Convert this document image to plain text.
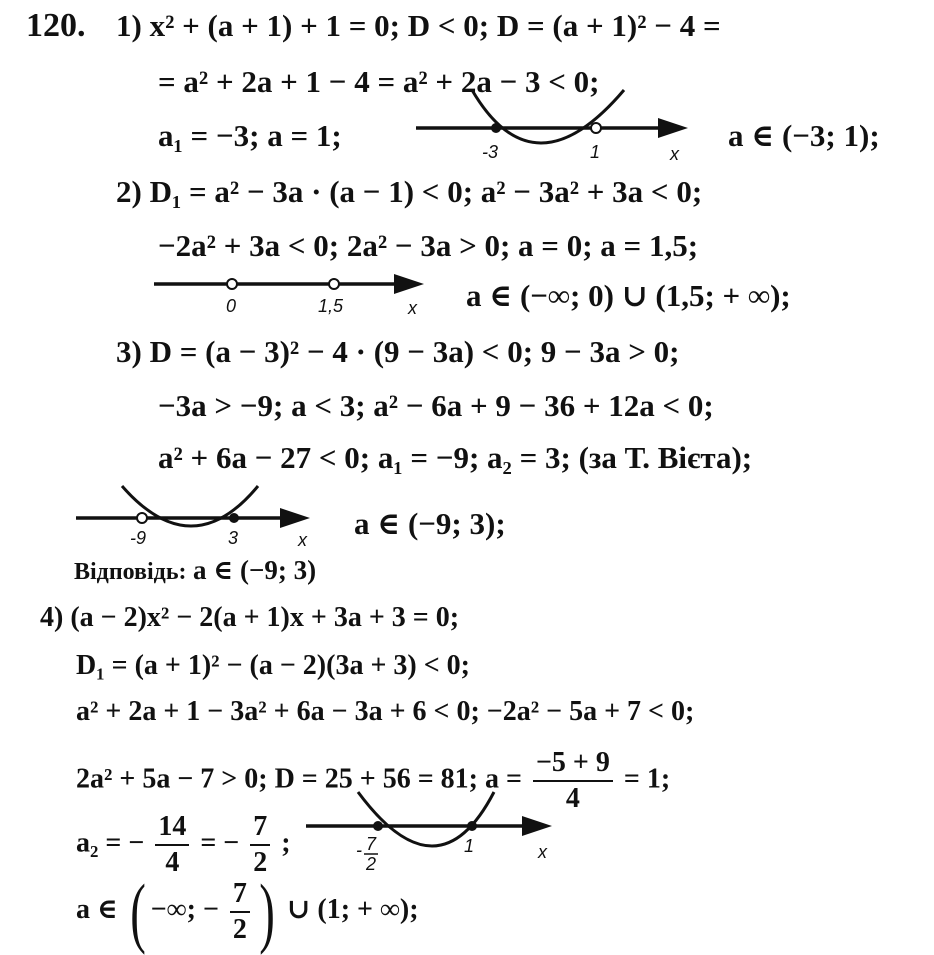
120. 1) x² + (a + 1) + 1 = 0; D < 0; D = (a + 1)² − 4 =
= a² + 2a + 1 − 4 = a² + 2a − 3 < 0;
a₁ = −3; a = 1;	-3	1	x
a ∈ (−3; 1);
2) D₁ = a² − 3a · (a − 1) < 0; a² − 3a² + 3a < 0;
−2a² + 3a < 0; 2a² − 3a > 0; a = 0; a = 1,5;
0	1,5	x a ∈ (−∞; 0) ∪ (1,5; + ∞);
3) D = (a − 3)² − 4 · (9 − 3a) < 0; 9 − 3a > 0;
−3a > −9; a < 3; a² − 6a + 9 − 36 + 12a < 0;
a² + 6a − 27 < 0; a₁ = −9; a₂ = 3; (за Т. Вієта);
-9	3	x a ∈ (−9; 3);
Відповідь: a ∈ (−9; 3)
4) (a − 2)x² − 2(a + 1)x + 3a + 3 = 0;
D₁ = (a + 1)² − (a − 2)(3a + 3) < 0;
a² + 2a + 1 − 3a² + 6a − 3a + 6 < 0; −2a² − 5a + 7 < 0;
2a² + 5a − 7 > 0; D = 25 + 56 = 81; $a = \frac{-5 + 9}{4} = 1$;
a₂ = − $\frac{14}{4}$ = − $\frac{7}{2}$ ;	- 7
2
1	x
a ∈ ( −∞; − $\frac{7}{2}$ ) ∪ (1; + ∞);
